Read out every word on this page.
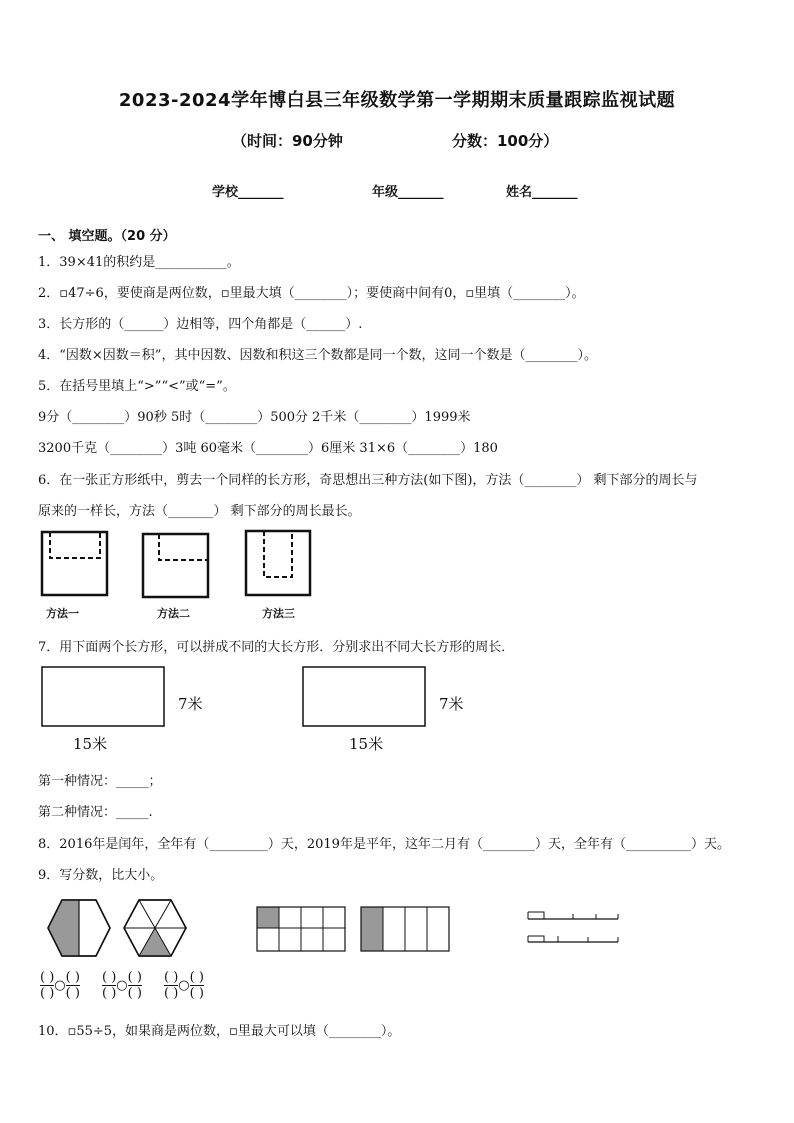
2023-2024学年博白县三年级数学第一学期期末质量跟踪监视试题
（时间：90分钟	分数：100分）
学校_______	年级_______	姓名_______
一、 填空题。（20 分）
1．39×41的积约是___________。
2．▫47÷6，要使商是两位数，▫里最大填（________）；要使商中间有0，▫里填（________）。
3．长方形的（______）边相等，四个角都是（______）.
4．“因数×因数＝积”，其中因数、因数和积这三个数都是同一个数，这同一个数是（________）。
5．在括号里填上“>”“<”或“=”。
9分（________）90秒 5时（________）500分 2千米（________）1999米
3200千克（________）3吨 60毫米（________）6厘米 31×6（________）180
6．在一张正方形纸中，剪去一个同样的长方形，奇思想出三种方法(如下图)，方法（________） 剩下部分的周长与
原来的一样长，方法（_______） 剩下部分的周长最长。
方法一	方法二	方法三
7．用下面两个长方形，可以拼成不同的大长方形．分别求出不同大长方形的周长．
7米
15米
7米
15米
第一种情况：_____；
第二种情况：_____.
8．2016年是闰年，全年有（_________）天，2019年是平年，这年二月有（________）天，全年有（__________）天。
9．写分数，比大小。
( )

( )○( )

( )
( )

( )○( )

( )
( )

( )○( )

( )
10．▫55÷5，如果商是两位数，▫里最大可以填（________）。
